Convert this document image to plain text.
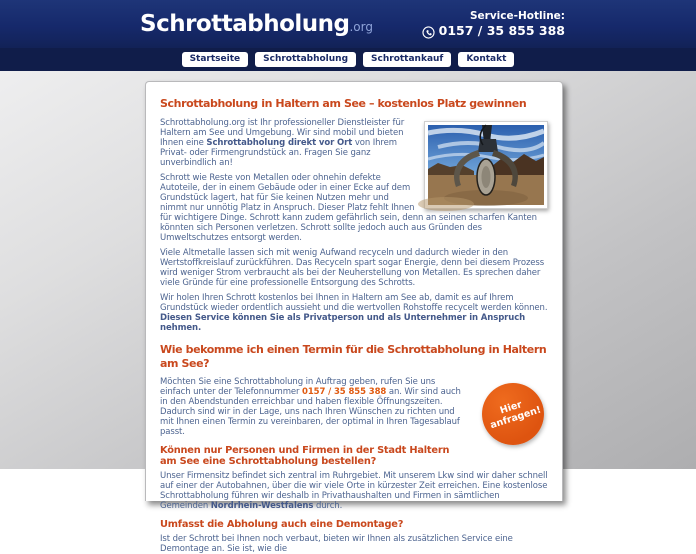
Schrottabholung.org
Service-Hotline:
0157 / 35 855 388
Startseite	Schrottabholung	Schrottankauf	Kontakt
Schrottabholung in Haltern am See – kostenlos Platz gewinnen

Schrottabholung.org ist Ihr professioneller Dienstleister für Haltern am See und Umgebung. Wir sind mobil und bieten Ihnen eine Schrottabholung direkt vor Ort von Ihrem Privat- oder Firmengrundstück an. Fragen Sie ganz unverbindlich an!

Schrott wie Reste von Metallen oder ohnehin defekte Autoteile, der in einem Gebäude oder in einer Ecke auf dem Grundstück lagert, hat für Sie keinen Nutzen mehr und nimmt nur unnötig Platz in Anspruch. Dieser Platz fehlt Ihnen für wichtigere Dinge. Schrott kann zudem gefährlich sein, denn an seinen scharfen Kanten könnten sich Personen verletzen. Schrott sollte jedoch auch aus Gründen des Umweltschutzes entsorgt werden.

Viele Altmetalle lassen sich mit wenig Aufwand recyceln und dadurch wieder in den Wertstoffkreislauf zurückführen. Das Recyceln spart sogar Energie, denn bei diesem Prozess wird weniger Strom verbraucht als bei der Neuherstellung von Metallen. Es sprechen daher viele Gründe für eine professionelle Entsorgung des Schrotts.

Wir holen Ihren Schrott kostenlos bei Ihnen in Haltern am See ab, damit es auf Ihrem Grundstück wieder ordentlich aussieht und die wertvollen Rohstoffe recycelt werden können. Diesen Service können Sie als Privatperson und als Unternehmer in Anspruch nehmen.

Wie bekomme ich einen Termin für die Schrottabholung in Haltern am See?
Hier anfragen!

Möchten Sie eine Schrottabholung in Auftrag geben, rufen Sie uns einfach unter der Telefonnummer 0157 / 35 855 388 an. Wir sind auch in den Abendstunden erreichbar und haben flexible Öffnungszeiten. Dadurch sind wir in der Lage, uns nach Ihren Wünschen zu richten und mit Ihnen einen Termin zu vereinbaren, der optimal in Ihren Tagesablauf passt.

Können nur Personen und Firmen in der Stadt Haltern am See eine Schrottabholung bestellen?

Unser Firmensitz befindet sich zentral im Ruhrgebiet. Mit unserem Lkw sind wir daher schnell auf einer der Autobahnen, über die wir viele Orte in kürzester Zeit erreichen. Eine kostenlose Schrottabholung führen wir deshalb in Privathaushalten und Firmen in sämtlichen Gemeinden Nordrhein-Westfalens durch.

Umfasst die Abholung auch eine Demontage?

Ist der Schrott bei Ihnen noch verbaut, bieten wir Ihnen als zusätzlichen Service eine Demontage an. Sie ist, wie die
